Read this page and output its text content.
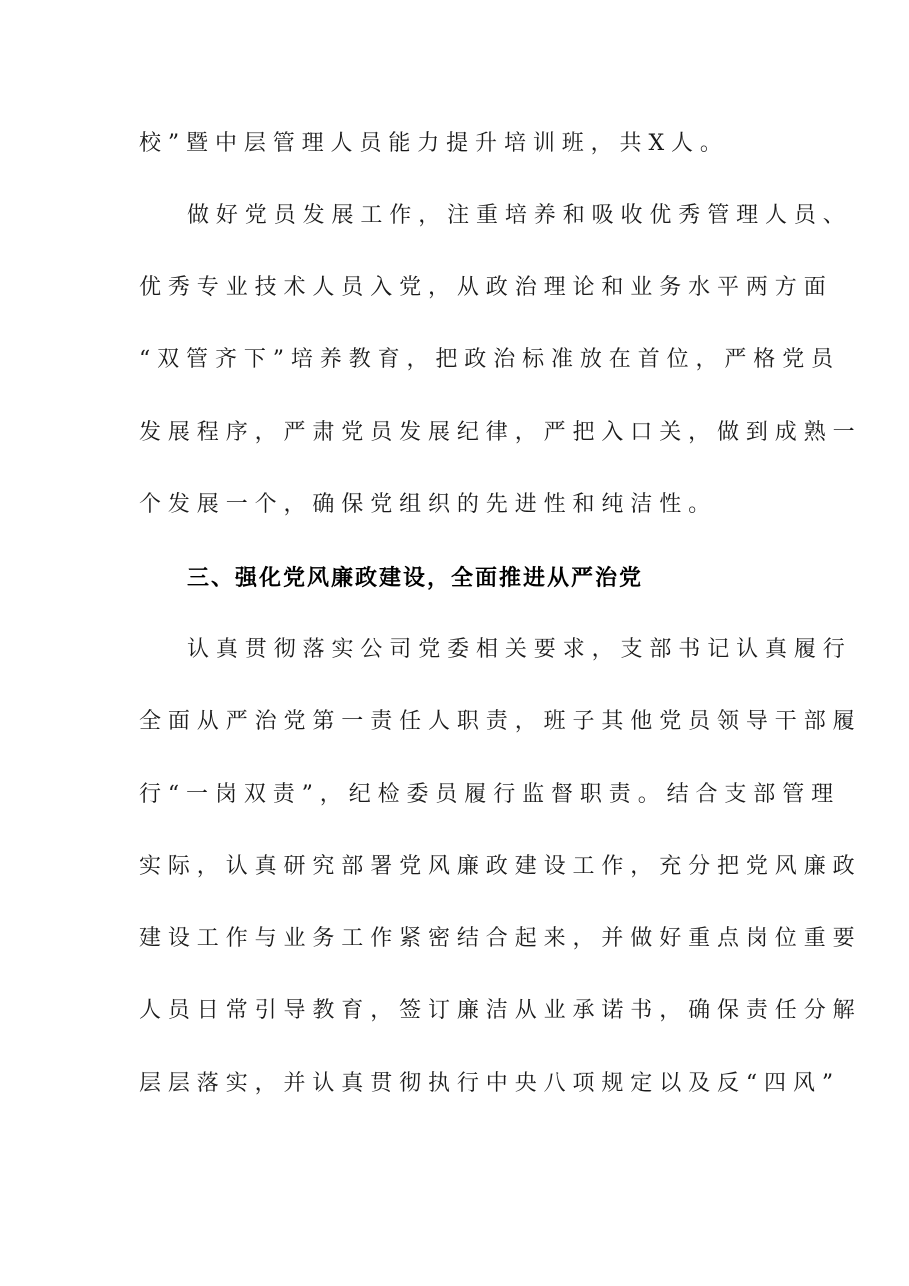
校”暨中层管理人员能力提升培训班，共X人。

做好党员发展工作，注重培养和吸收优秀管理人员、

优秀专业技术人员入党，从政治理论和业务水平两方面

“双管齐下”培养教育，把政治标准放在首位，严格党员

发展程序，严肃党员发展纪律，严把入口关，做到成熟一

个发展一个，确保党组织的先进性和纯洁性。

三、强化党风廉政建设，全面推进从严治党

认真贯彻落实公司党委相关要求，支部书记认真履行

全面从严治党第一责任人职责，班子其他党员领导干部履

行“一岗双责”，纪检委员履行监督职责。结合支部管理

实际，认真研究部署党风廉政建设工作，充分把党风廉政

建设工作与业务工作紧密结合起来，并做好重点岗位重要

人员日常引导教育，签订廉洁从业承诺书，确保责任分解

层层落实，并认真贯彻执行中央八项规定以及反“四风”
